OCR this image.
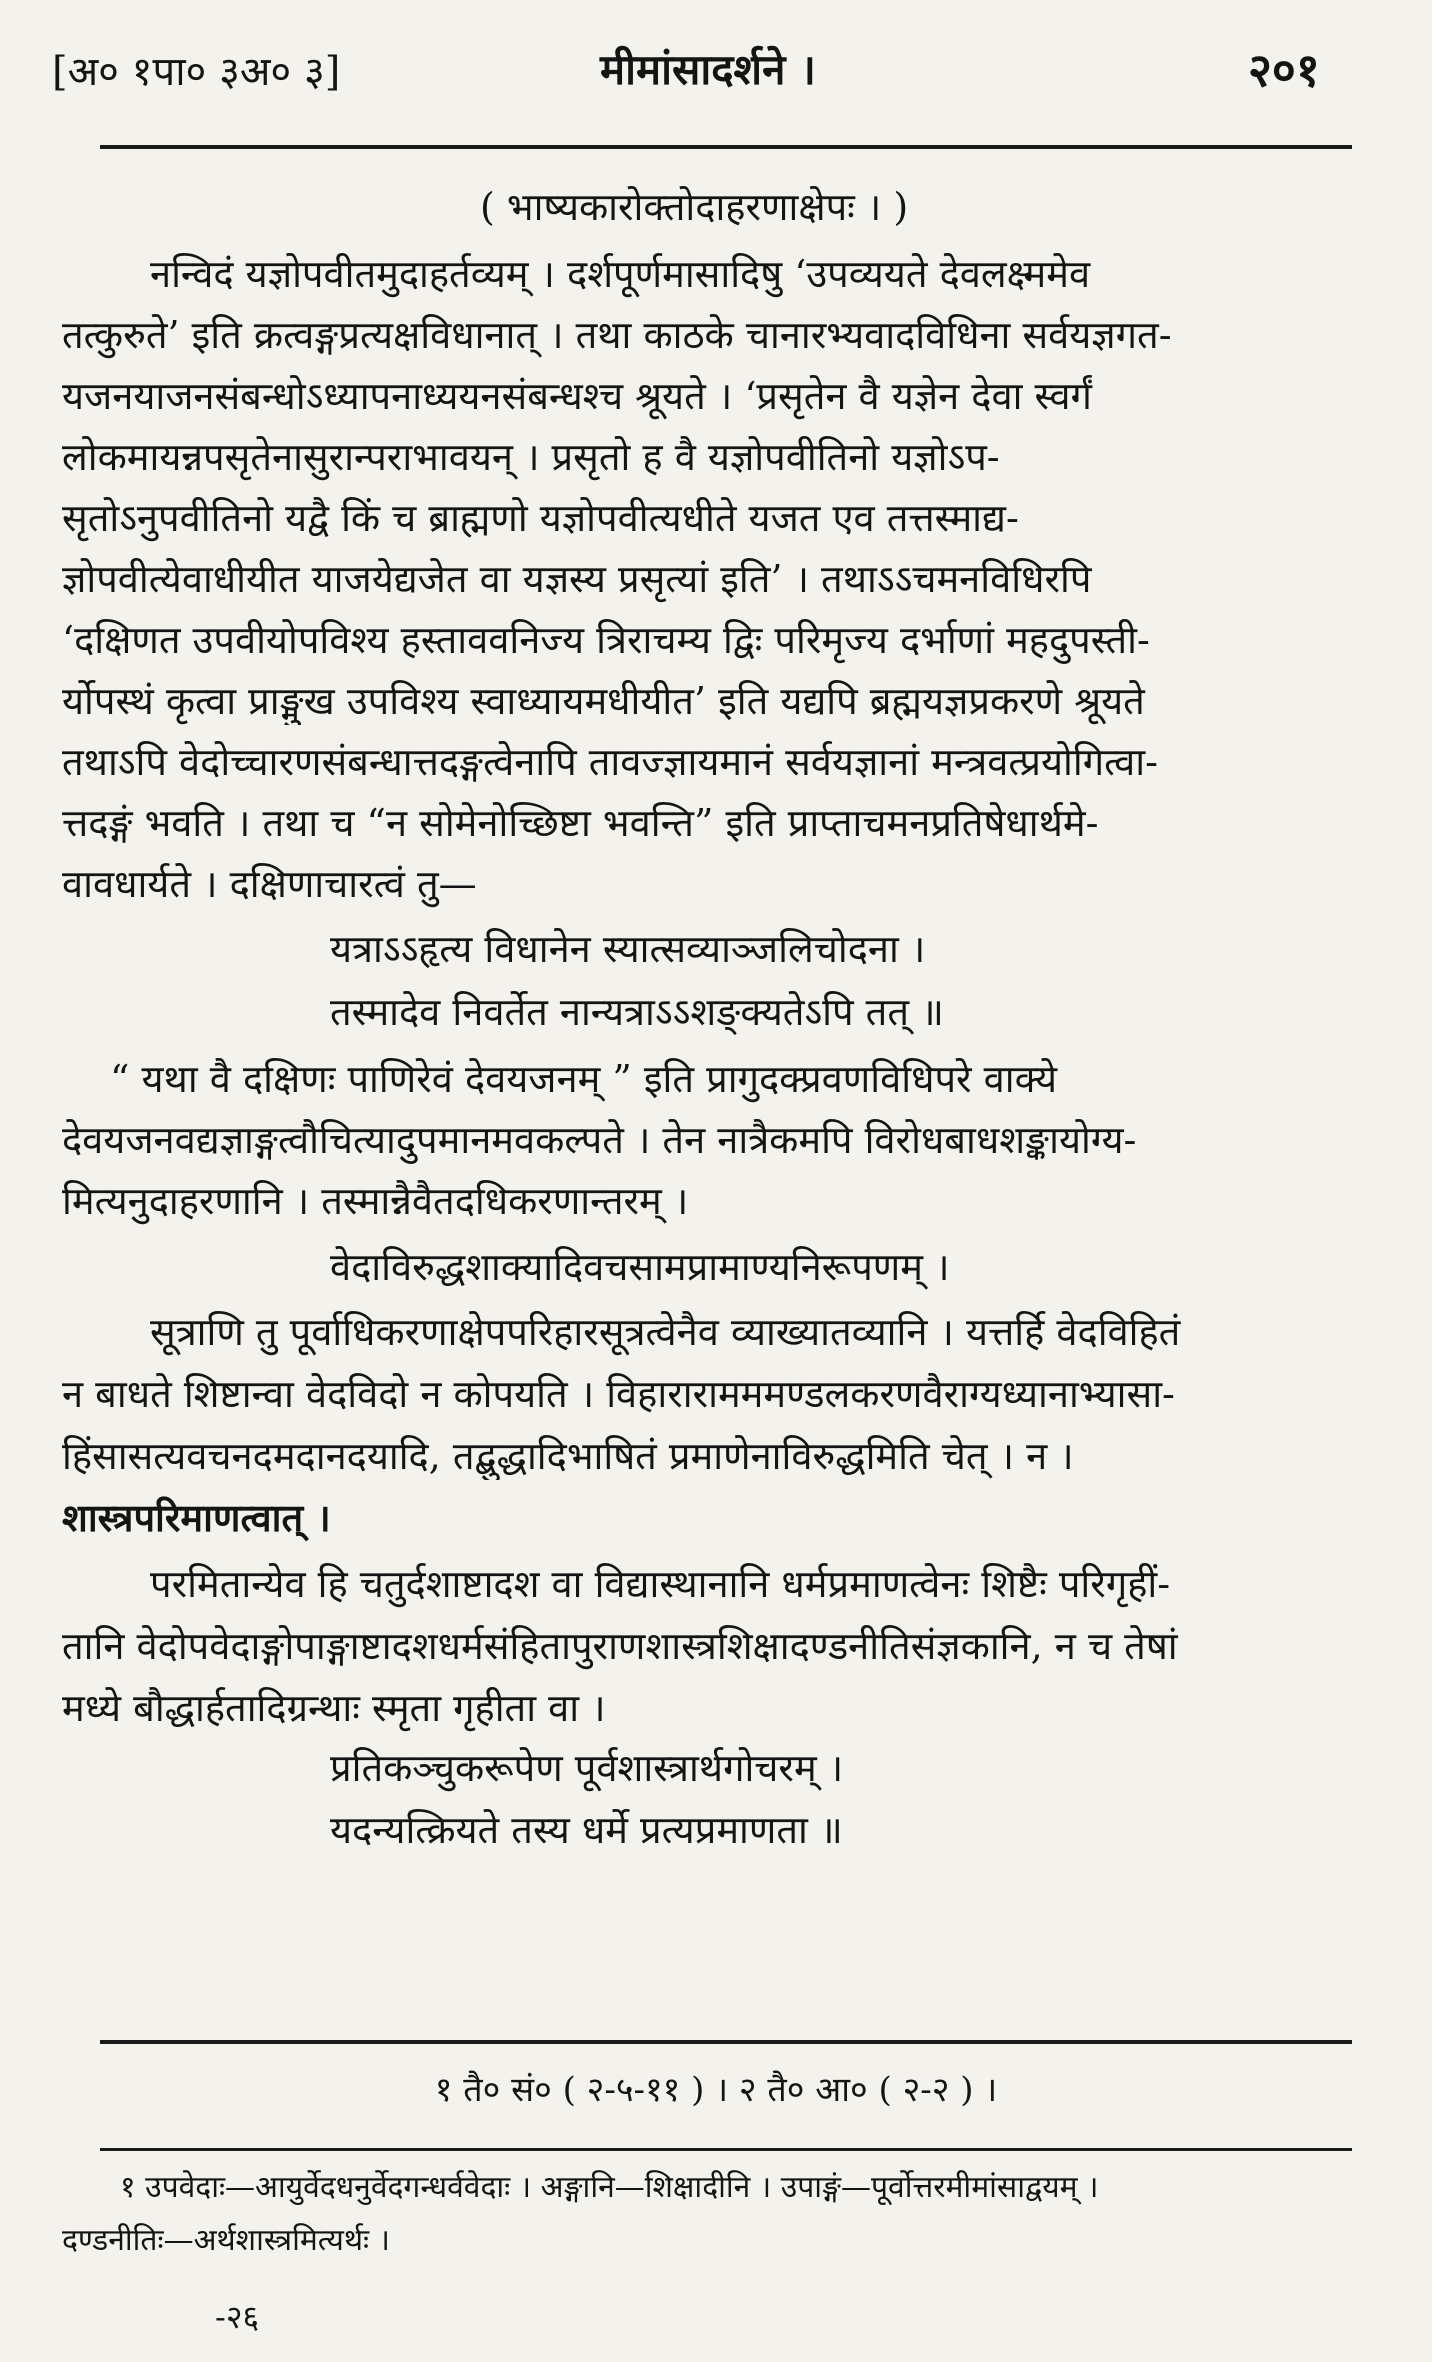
[अ० १पा० ३अ० ३]	मीमांसादर्शने ।	२०१
( भाष्यकारोक्तोदाहरणाक्षेपः । )
नन्विदं यज्ञोपवीतमुदाहर्तव्यम् । दर्शपूर्णमासादिषु ‘उपव्ययते देवलक्ष्ममेव
तत्कुरुते’ इति क्रत्वङ्गप्रत्यक्षविधानात् । तथा काठके चानारभ्यवादविधिना सर्वयज्ञगत-
यजनयाजनसंबन्धोऽध्यापनाध्ययनसंबन्धश्च श्रूयते । ‘प्रसृतेन वै यज्ञेन देवा स्वर्गं
लोकमायन्नपसृतेनासुरान्पराभावयन् । प्रसृतो ह वै यज्ञोपवीतिनो यज्ञोऽप-
सृतोऽनुपवीतिनो यद्वै किं च ब्राह्मणो यज्ञोपवीत्यधीते यजत एव तत्तस्माद्य-
ज्ञोपवीत्येवाधीयीत याजयेद्यजेत वा यज्ञस्य प्रसृत्यां इति’ । तथाऽऽचमनविधिरपि
‘दक्षिणत उपवीयोपविश्य हस्ताववनिज्य त्रिराचम्य द्विः परिमृज्य दर्भाणां महदुपस्ती-
र्योपस्थं कृत्वा प्राङ्मुख उपविश्य स्वाध्यायमधीयीत’ इति यद्यपि ब्रह्मयज्ञप्रकरणे श्रूयते
तथाऽपि वेदोच्चारणसंबन्धात्तदङ्गत्वेनापि तावज्ज्ञायमानं सर्वयज्ञानां मन्त्रवत्प्रयोगित्वा-
त्तदङ्गं भवति । तथा च “न सोमेनोच्छिष्टा भवन्ति” इति प्राप्ताचमनप्रतिषेधार्थमे-
वावधार्यते । दक्षिणाचारत्वं तु—
यत्राऽऽहृत्य विधानेन स्यात्सव्याञ्जलिचोदना ।
तस्मादेव निवर्तेत नान्यत्राऽऽशङ्क्यतेऽपि तत् ॥
“ यथा वै दक्षिणः पाणिरेवं देवयजनम् ” इति प्रागुदक्प्रवणविधिपरे वाक्ये
देवयजनवद्यज्ञाङ्गत्वौचित्यादुपमानमवकल्पते । तेन नात्रैकमपि विरोधबाधशङ्कायोग्य-
मित्यनुदाहरणानि । तस्मान्नैवैतदधिकरणान्तरम् ।
वेदाविरुद्धशाक्यादिवचसामप्रामाण्यनिरूपणम् ।
सूत्राणि तु पूर्वाधिकरणाक्षेपपरिहारसूत्रत्वेनैव व्याख्यातव्यानि । यत्तर्हि वेदविहितं
न बाधते शिष्टान्वा वेदविदो न कोपयति । विहारारामममण्डलकरणवैराग्यध्यानाभ्यासा-
हिंसासत्यवचनदमदानदयादि, तद्बुद्धादिभाषितं प्रमाणेनाविरुद्धमिति चेत् । न ।
शास्त्रपरिमाणत्वात् ।
परमितान्येव हि चतुर्दशाष्टादश वा विद्यास्थानानि धर्मप्रमाणत्वेनः शिष्टैः परिगृहीं-
तानि वेदोपवेदाङ्गोपाङ्गाष्टादशधर्मसंहितापुराणशास्त्रशिक्षादण्डनीतिसंज्ञकानि, न च तेषां
मध्ये बौद्धार्हतादिग्रन्थाः स्मृता गृहीता वा ।
प्रतिकञ्चुकरूपेण पूर्वशास्त्रार्थगोचरम् ।
यदन्यत्क्रियते तस्य धर्मे प्रत्यप्रमाणता ॥
१ तै० सं० ( २-५-११ ) । २ तै० आ० ( २-२ ) ।
१ उपवेदाः—आयुर्वेदधनुर्वेदगन्धर्ववेदाः । अङ्गानि—शिक्षादीनि । उपाङ्गं—पूर्वोत्तरमीमांसाद्वयम् ।
दण्डनीतिः—अर्थशास्त्रमित्यर्थः ।
-२६
